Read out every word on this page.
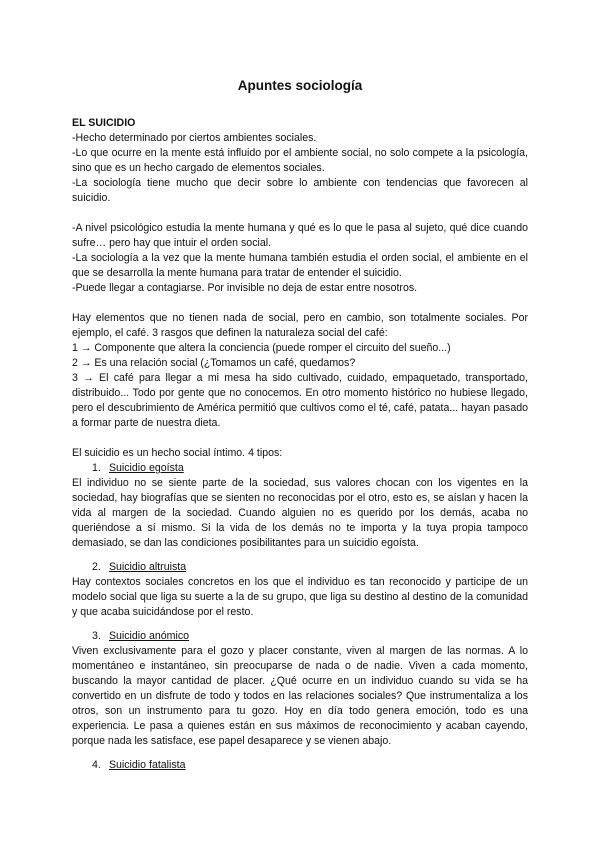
Apuntes sociología

EL SUICIDIO

-Hecho determinado por ciertos ambientes sociales.

-Lo que ocurre en la mente está influido por el ambiente social, no solo compete a la psicología, sino que es un hecho cargado de elementos sociales.

-La sociología tiene mucho que decir sobre lo ambiente con tendencias que favorecen al suicidio.

-A nivel psicológico estudia la mente humana y qué es lo que le pasa al sujeto, qué dice cuando sufre… pero hay que intuir el orden social.

-La sociología a la vez que la mente humana también estudia el orden social, el ambiente en el que se desarrolla la mente humana para tratar de entender el suicidio.

-Puede llegar a contagiarse. Por invisible no deja de estar entre nosotros.

Hay elementos que no tienen nada de social, pero en cambio, son totalmente sociales. Por ejemplo, el café. 3 rasgos que definen la naturaleza social del café:

1 → Componente que altera la conciencia (puede romper el circuito del sueño...)

2 → Es una relación social (¿Tomamos un café, quedamos?

3 → El café para llegar a mi mesa ha sido cultivado, cuidado, empaquetado, transportado, distribuido... Todo por gente que no conocemos. En otro momento histórico no hubiese llegado, pero el descubrimiento de América permitió que cultivos como el té, café, patata... hayan pasado a formar parte de nuestra dieta.

El suicidio es un hecho social íntimo. 4 tipos:

1. Suicidio egoísta

El individuo no se siente parte de la sociedad, sus valores chocan con los vigentes en la sociedad, hay biografías que se sienten no reconocidas por el otro, esto es, se aíslan y hacen la vida al margen de la sociedad. Cuando alguien no es querido por los demás, acaba no queriéndose a sí mismo. Si la vida de los demás no te importa y la tuya propia tampoco demasiado, se dan las condiciones posibilitantes para un suicidio egoísta.

2. Suicidio altruista

Hay contextos sociales concretos en los que el individuo es tan reconocido y participe de un modelo social que liga su suerte a la de su grupo, que liga su destino al destino de la comunidad y que acaba suicidándose por el resto.

3. Suicidio anómico

Viven exclusivamente para el gozo y placer constante, viven al margen de las normas. A lo momentáneo e instantáneo, sin preocuparse de nada o de nadie. Viven a cada momento, buscando la mayor cantidad de placer. ¿Qué ocurre en un individuo cuando su vida se ha convertido en un disfrute de todo y todos en las relaciones sociales? Que instrumentaliza a los otros, son un instrumento para tu gozo. Hoy en día todo genera emoción, todo es una experiencia. Le pasa a quienes están en sus máximos de reconocimiento y acaban cayendo, porque nada les satisface, ese papel desaparece y se vienen abajo.

4. Suicidio fatalista
